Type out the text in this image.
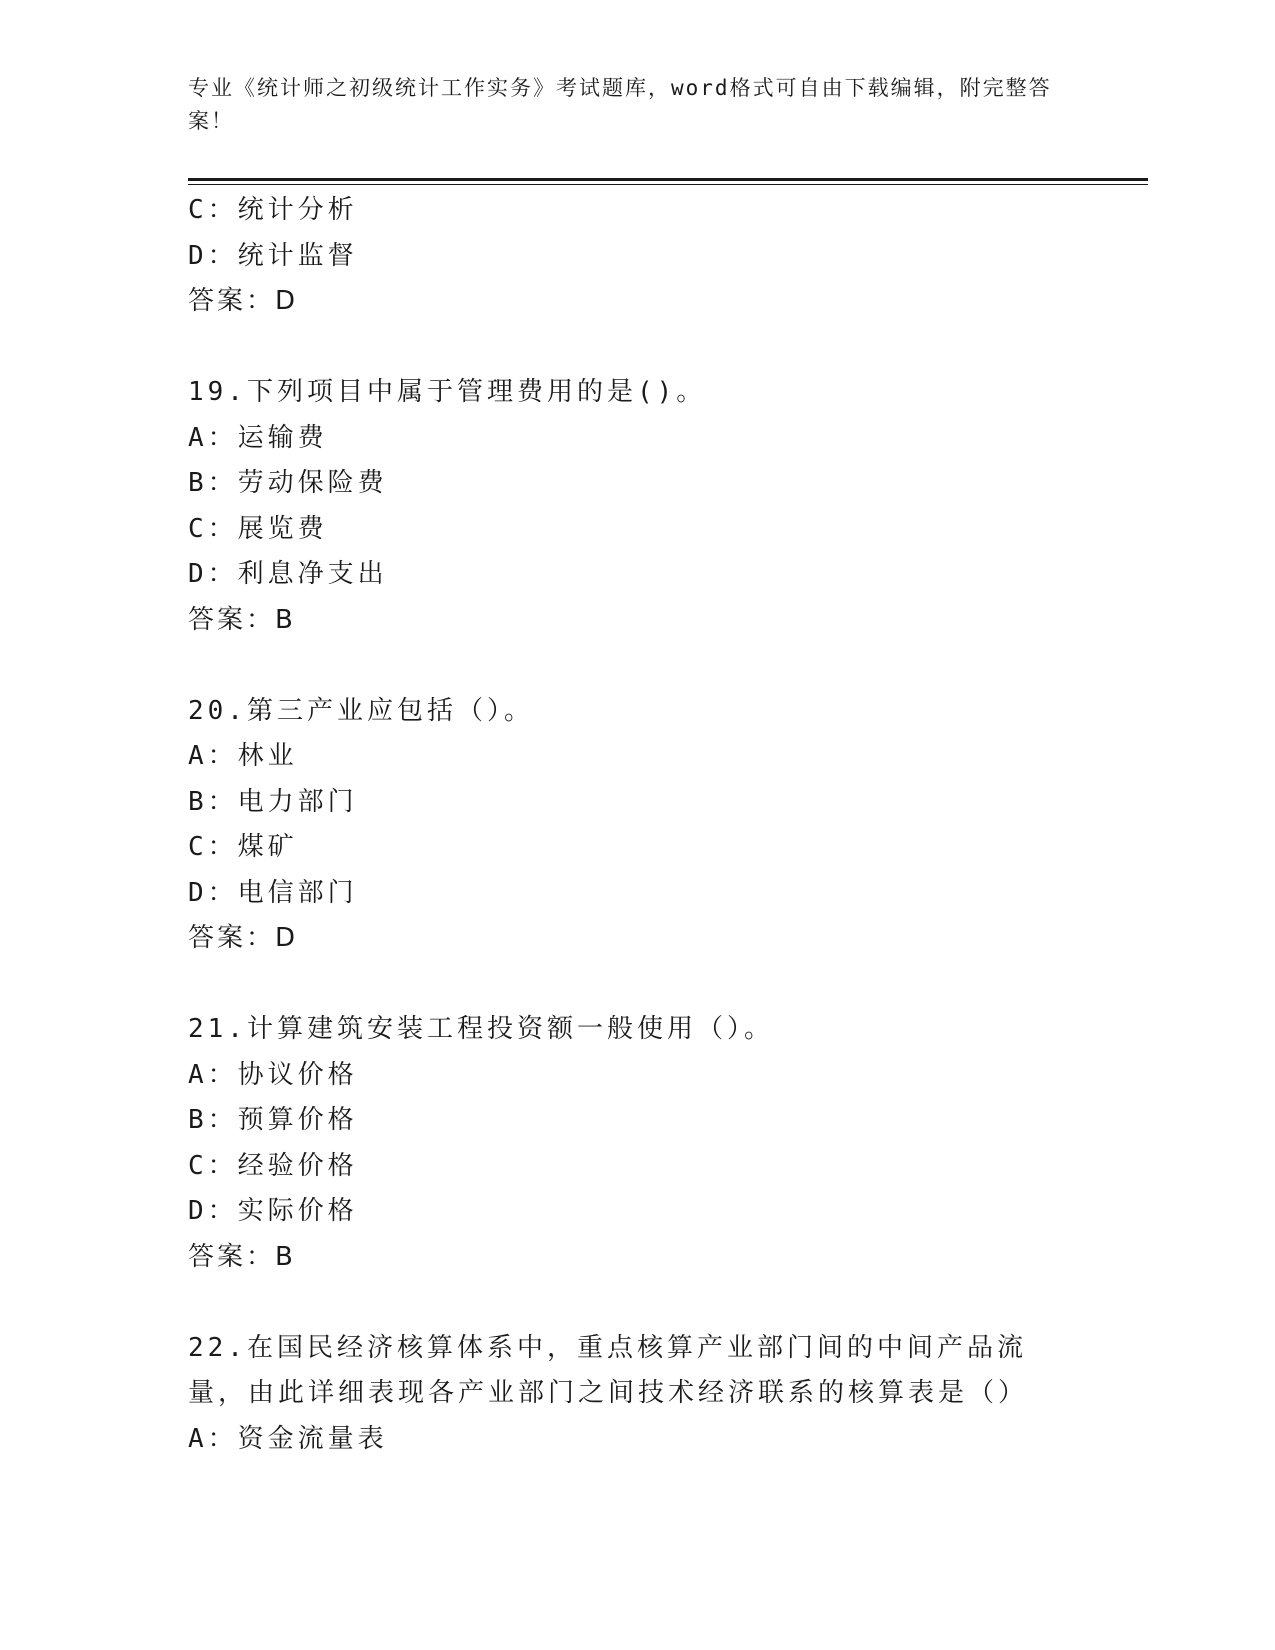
专业《统计师之初级统计工作实务》考试题库，word格式可自由下载编辑，附完整答案！
C：统计分析
D：统计监督
答案：D
19.下列项目中属于管理费用的是()。
A：运输费
B：劳动保险费
C：展览费
D：利息净支出
答案：B
20.第三产业应包括（）。
A：林业
B：电力部门
C：煤矿
D：电信部门
答案：D
21.计算建筑安装工程投资额一般使用（）。
A：协议价格
B：预算价格
C：经验价格
D：实际价格
答案：B
22.在国民经济核算体系中，重点核算产业部门间的中间产品流量，由此详细表现各产业部门之间技术经济联系的核算表是（）
A：资金流量表
